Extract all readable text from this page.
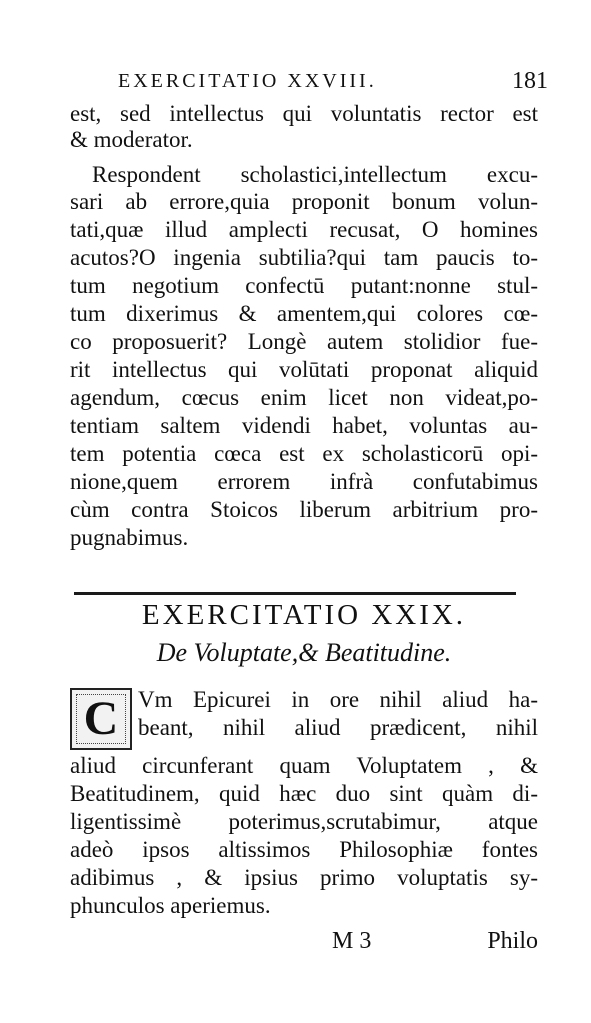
EXERCITATIO XXVIII.	181
est, sed intellectus qui voluntatis rector est
& moderator.
Respondent scholastici,intellectum excu-
sari ab errore,quia proponit bonum volun-
tati,quæ illud amplecti recusat, O homines
acutos?O ingenia subtilia?qui tam paucis to-
tum negotium confectū putant:nonne stul-
tum dixerimus & amentem,qui colores cœ-
co proposuerit? Longè autem stolidior fue-
rit intellectus qui volūtati proponat aliquid
agendum, cœcus enim licet non videat,po-
tentiam saltem videndi habet, voluntas au-
tem potentia cœca est ex scholasticorū opi-
nione,quem errorem infrà confutabimus
cùm contra Stoicos liberum arbitrium pro-
pugnabimus.
EXERCITATIO XXIX.
De Voluptate,& Beatitudine.
C Vm Epicurei in ore nihil aliud ha-
beant, nihil aliud prædicent, nihil
aliud circunferant quam Voluptatem , &
Beatitudinem, quid hæc duo sint quàm di-
ligentissimè poterimus,scrutabimur, atque
adeò ipsos altissimos Philosophiæ fontes
adibimus , & ipsius primo voluptatis sy-
phunculos aperiemus.
M 3	Philo
